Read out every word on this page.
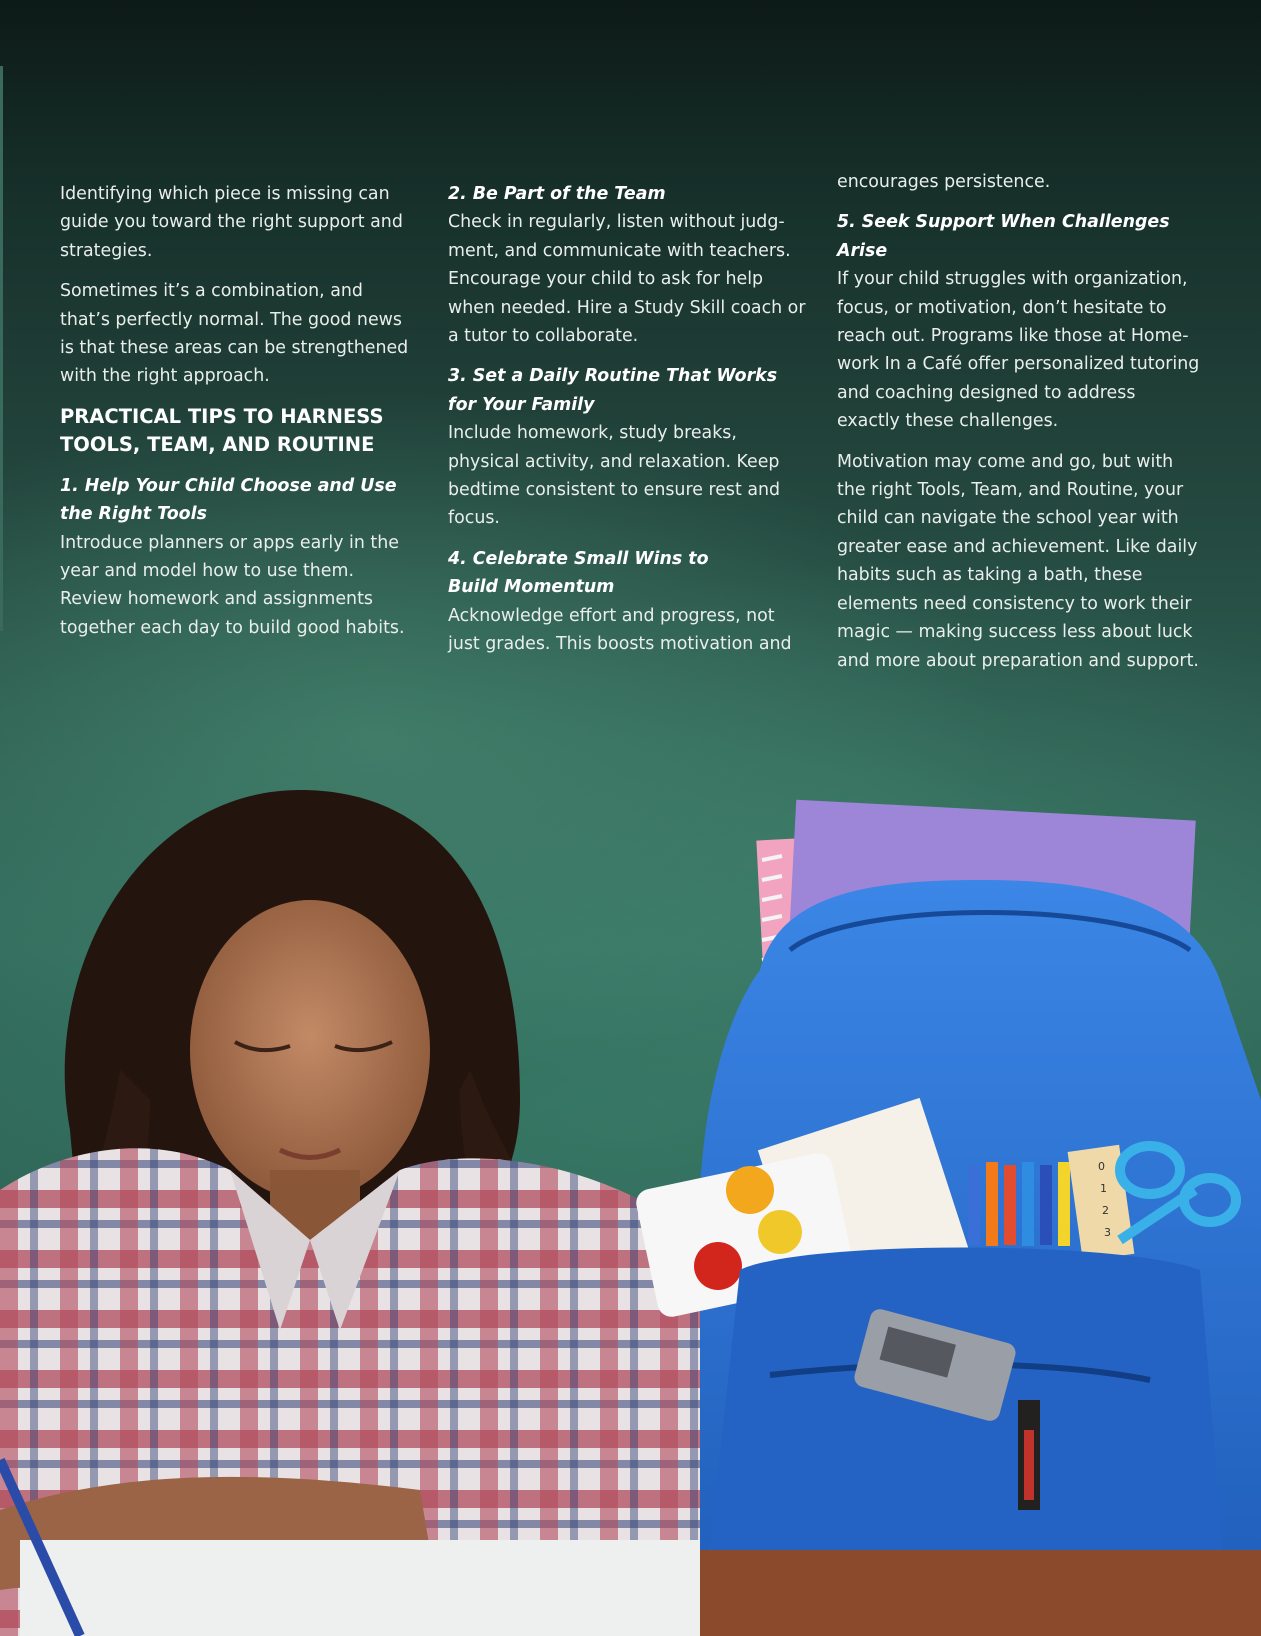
Identifying which piece is missing can guide you toward the right support and strategies.

Sometimes it’s a combination, and that’s perfectly normal. The good news is that these areas can be strengthened with the right approach.

PRACTICAL TIPS TO HARNESS
TOOLS, TEAM, AND ROUTINE

1. Help Your Child Choose and Use the Right Tools
Introduce planners or apps early in the year and model how to use them. Review homework and assignments together each day to build good habits.

2. Be Part of the Team
Check in regularly, listen without judgment, and communicate with teachers. Encourage your child to ask for help when needed. Hire a Study Skill coach or a tutor to collaborate.

3. Set a Daily Routine That Works for Your Family
Include homework, study breaks, physical activity, and relaxation. Keep bedtime consistent to ensure rest and focus.

4. Celebrate Small Wins to
Build Momentum
Acknowledge effort and progress, not just grades. This boosts motivation and

encourages persistence.

5. Seek Support When Challenges Arise
If your child struggles with organization, focus, or motivation, don’t hesitate to reach out. Programs like those at Homework In a Café offer personalized tutoring and coaching designed to address exactly these challenges.

Motivation may come and go, but with the right Tools, Team, and Routine, your child can navigate the school year with greater ease and achievement. Like daily habits such as taking a bath, these elements need consistency to work their magic — making success less about luck and more about preparation and support.

0
1
2
3
